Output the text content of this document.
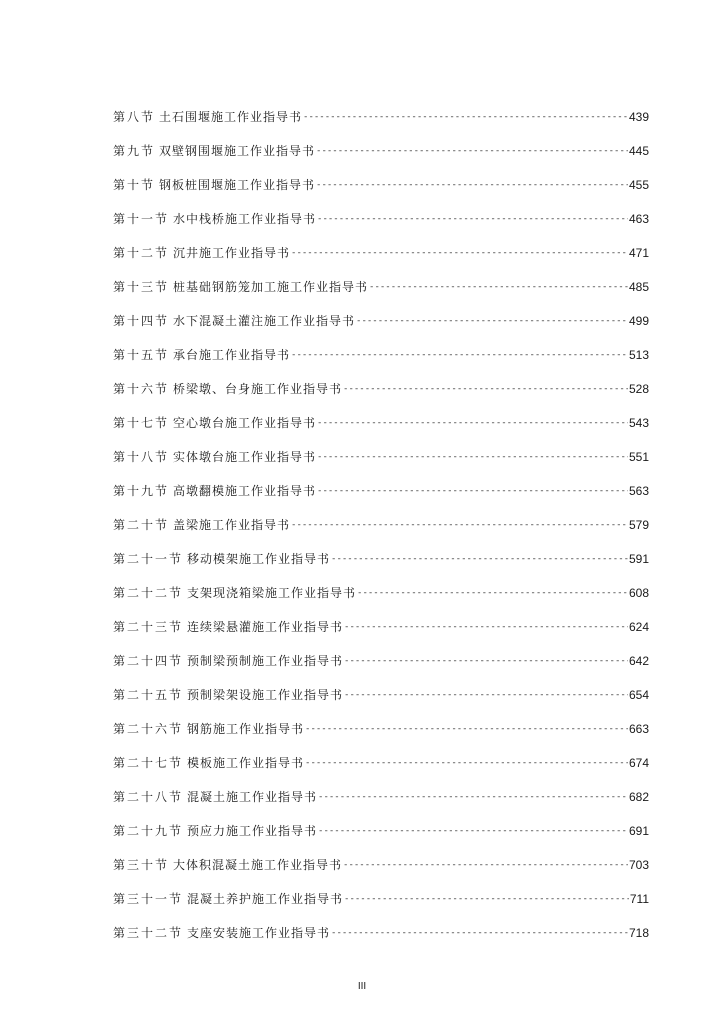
第八节 土石围堰施工作业指导书 -----	439
第九节 双壁钢围堰施工作业指导书 -----	445
第十节 钢板桩围堰施工作业指导书 -----	455
第十一节 水中栈桥施工作业指导书 -----	463
第十二节 沉井施工作业指导书 -----	471
第十三节 桩基础钢筋笼加工施工作业指导书 -----	485
第十四节 水下混凝土灌注施工作业指导书 -----	499
第十五节 承台施工作业指导书 -----	513
第十六节 桥梁墩、台身施工作业指导书 -----	528
第十七节 空心墩台施工作业指导书 -----	543
第十八节 实体墩台施工作业指导书 -----	551
第十九节 高墩翻模施工作业指导书 -----	563
第二十节 盖梁施工作业指导书 -----	579
第二十一节 移动模架施工作业指导书 -----	591
第二十二节 支架现浇箱梁施工作业指导书 -----	608
第二十三节 连续梁悬灌施工作业指导书 -----	624
第二十四节 预制梁预制施工作业指导书 -----	642
第二十五节 预制梁架设施工作业指导书 -----	654
第二十六节 钢筋施工作业指导书 -----	663
第二十七节 模板施工作业指导书 -----	674
第二十八节 混凝土施工作业指导书 -----	682
第二十九节 预应力施工作业指导书 -----	691
第三十节 大体积混凝土施工作业指导书 -----	703
第三十一节 混凝土养护施工作业指导书 -----	711
第三十二节 支座安装施工作业指导书 -----	718
III
